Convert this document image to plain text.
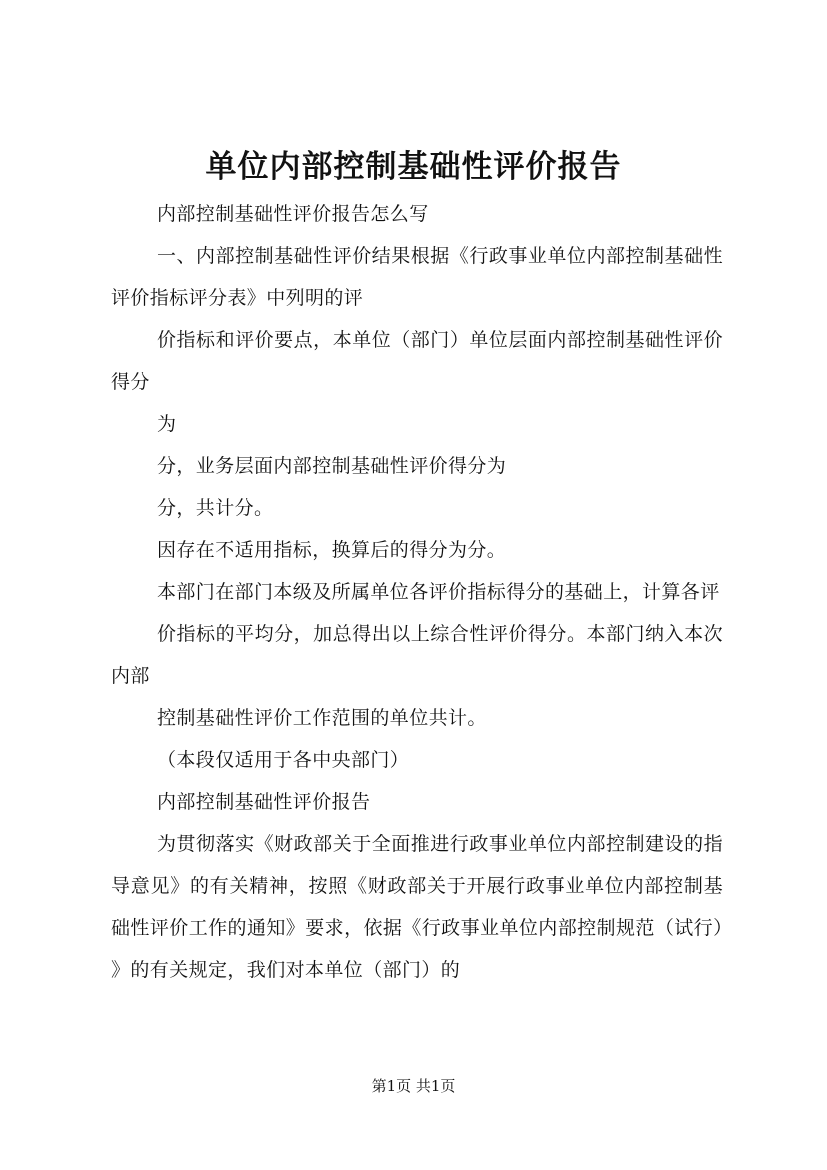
单位内部控制基础性评价报告

内部控制基础性评价报告怎么写

一、内部控制基础性评价结果根据《行政事业单位内部控制基础性评价指标评分表》中列明的评

价指标和评价要点，本单位（部门）单位层面内部控制基础性评价得分

为

分，业务层面内部控制基础性评价得分为

分，共计分。

因存在不适用指标，换算后的得分为分。

本部门在部门本级及所属单位各评价指标得分的基础上，计算各评

价指标的平均分，加总得出以上综合性评价得分。本部门纳入本次内部

控制基础性评价工作范围的单位共计。

（本段仅适用于各中央部门）

内部控制基础性评价报告

为贯彻落实《财政部关于全面推进行政事业单位内部控制建设的指导意见》的有关精神，按照《财政部关于开展行政事业单位内部控制基础性评价工作的通知》要求，依据《行政事业单位内部控制规范（试行）》的有关规定，我们对本单位（部门）的

第1页 共1页
